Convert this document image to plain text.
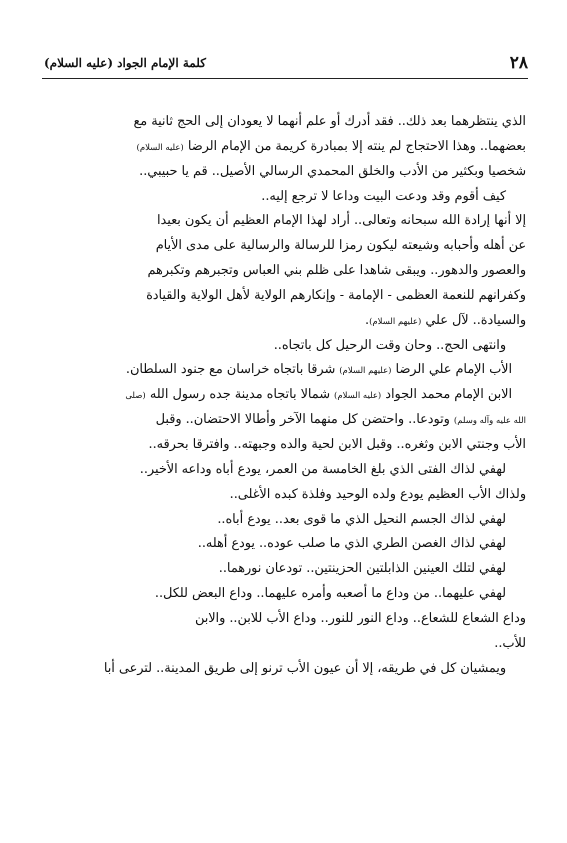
٢٨
كلمة الإمام الجواد (عليه السلام)
الذي ينتظرهما بعد ذلك.. فقد أدرك أو علم أنهما لا يعودان إلى الحج ثانية مع
بعضهما.. وهذا الاحتجاج لم ينته إلا بمبادرة كريمة من الإمام الرضا (عليه السلام)
شخصيا وبكثير من الأدب والخلق المحمدي الرسالي الأصيل.. قم يا حبيبي..
كيف أقوم وقد ودعت البيت وداعا لا ترجع إليه..
إلا أنها إرادة الله سبحانه وتعالى.. أراد لهذا الإمام العظيم أن يكون بعيدا
عن أهله وأحبابه وشيعته ليكون رمزا للرسالة والرسالية على مدى الأيام
والعصور والدهور.. ويبقى شاهدا على ظلم بني العباس وتجبرهم وتكبرهم
وكفرانهم للنعمة العظمى - الإمامة - وإنكارهم الولاية لأهل الولاية والقيادة
والسيادة.. لآل علي (عليهم السلام).
وانتهى الحج.. وحان وقت الرحيل كل باتجاه..
الأب الإمام علي الرضا (عليهم السلام) شرقا باتجاه خراسان مع جنود السلطان.
الابن الإمام محمد الجواد (عليه السلام) شمالا باتجاه مدينة جده رسول الله (صلى
الله عليه وآله وسلم) وتودعا.. واحتضن كل منهما الآخر وأطالا الاحتضان.. وقبل
الأب وجنتي الابن وثغره.. وقبل الابن لحية والده وجبهته.. وافترقا بحرقه..
لهفي لذاك الفتى الذي بلغ الخامسة من العمر، يودع أباه وداعه الأخير..
ولذاك الأب العظيم يودع ولده الوحيد وفلذة كبده الأغلى..
لهفي لذاك الجسم النحيل الذي ما قوى بعد.. يودع أباه..
لهفي لذاك الغصن الطري الذي ما صلب عوده.. يودع أهله..
لهفي لتلك العينين الذابلتين الحزينتين.. تودعان نورهما..
لهفي عليهما.. من وداع ما أصعبه وأمره عليهما.. وداع البعض للكل..
وداع الشعاع للشعاع.. وداع النور للنور.. وداع الأب للابن.. والابن
للأب..
ويمشيان كل في طريقه، إلا أن عيون الأب ترنو إلى طريق المدينة.. لترعى أبا
